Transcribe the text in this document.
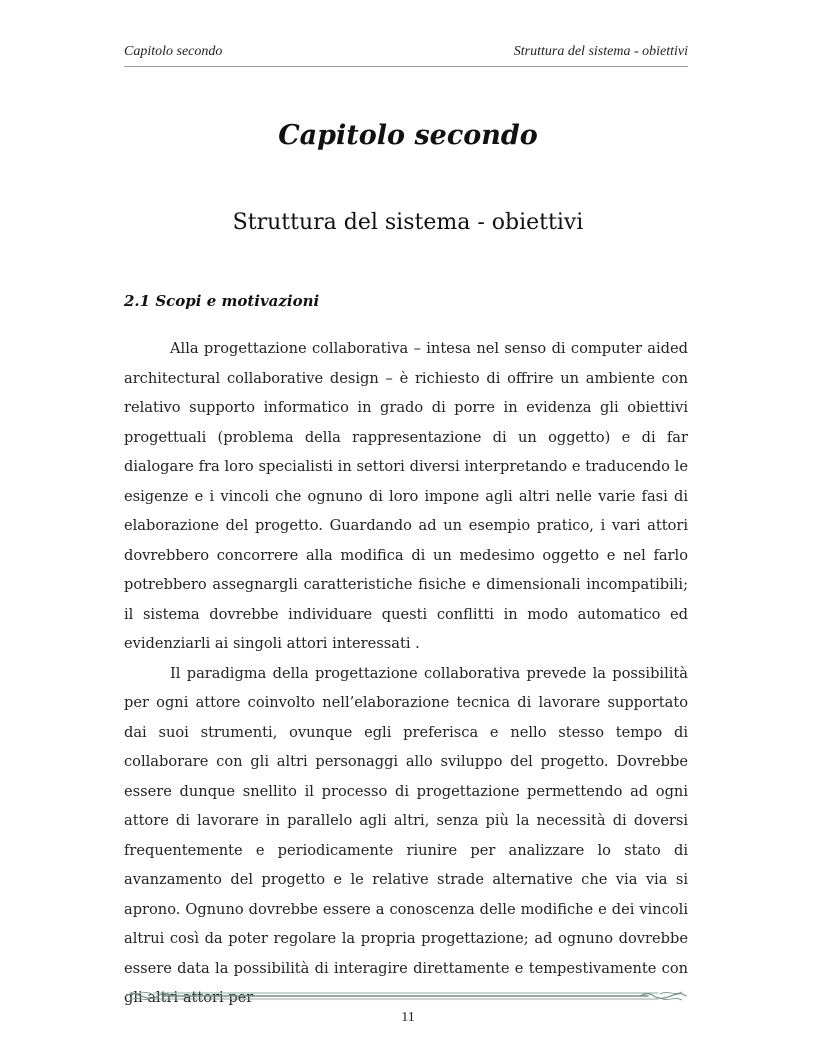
Capitolo secondo	Struttura del sistema - obiettivi
Capitolo secondo
Struttura del sistema - obiettivi
2.1 Scopi e motivazioni

Alla progettazione collaborativa – intesa nel senso di computer aided architectural collaborative design – è richiesto di offrire un ambiente con relativo supporto informatico in grado di porre in evidenza gli obiettivi progettuali (problema della rappresentazione di un oggetto) e di far dialogare fra loro specialisti in settori diversi interpretando e traducendo le esigenze e i vincoli che ognuno di loro impone agli altri nelle varie fasi di elaborazione del progetto. Guardando ad un esempio pratico, i vari attori dovrebbero concorrere alla modifica di un medesimo oggetto e nel farlo potrebbero assegnargli caratteristiche fisiche e dimensionali incompatibili; il sistema dovrebbe individuare questi conflitti in modo automatico ed evidenziarli ai singoli attori interessati .

Il paradigma della progettazione collaborativa prevede la possibilità per ogni attore coinvolto nell’elaborazione tecnica di lavorare supportato dai suoi strumenti, ovunque egli preferisca e nello stesso tempo di collaborare con gli altri personaggi allo sviluppo del progetto. Dovrebbe essere dunque snellito il processo di progettazione permettendo ad ogni attore di lavorare in parallelo agli altri, senza più la necessità di doversi frequentemente e periodicamente riunire per analizzare lo stato di avanzamento del progetto e le relative strade alternative che via via si aprono. Ognuno dovrebbe essere a conoscenza delle modifiche e dei vincoli altrui così da poter regolare la propria progettazione; ad ognuno dovrebbe essere data la possibilità di interagire direttamente e tempestivamente con gli altri attori per

11
